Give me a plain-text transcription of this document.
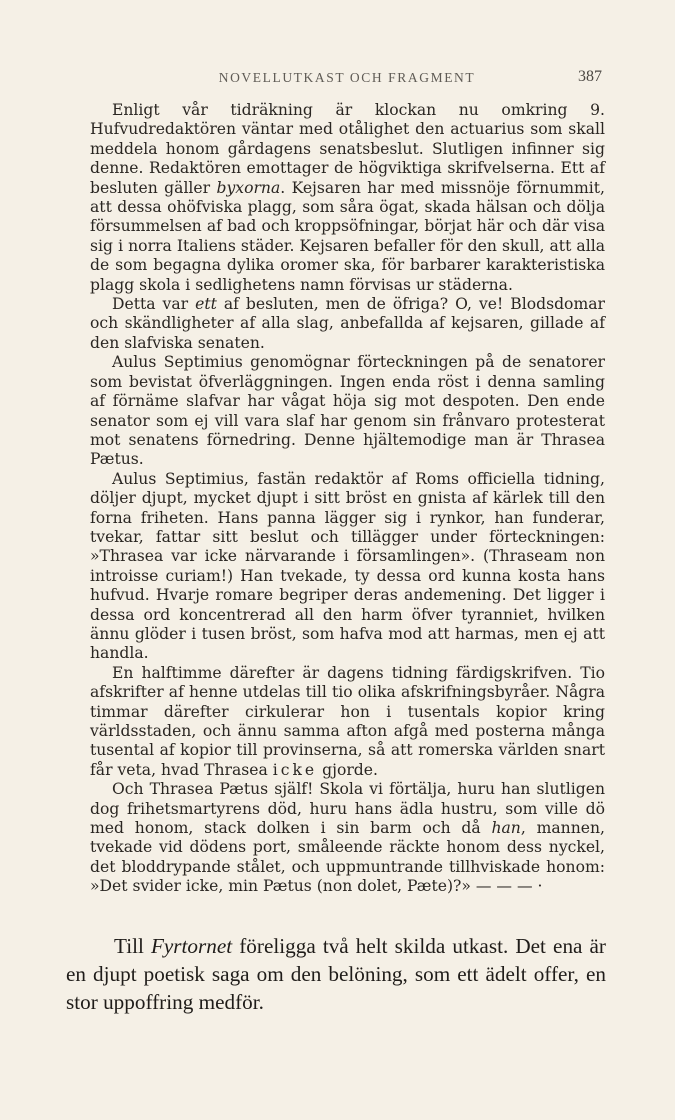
NOVELLUTKAST OCH FRAGMENT	387

Enligt vår tidräkning är klockan nu omkring 9. Hufvudredaktören väntar med otålighet den actuarius som skall meddela honom gårdagens senatsbeslut. Slutligen infinner sig denne. Redaktören emottager de högviktiga skrifvelserna. Ett af besluten gäller byxorna. Kejsaren har med missnöje förnummit, att dessa ohöfviska plagg, som såra ögat, skada hälsan och dölja försummelsen af bad och kroppsöfningar, börjat här och där visa sig i norra Italiens städer. Kejsaren befaller för den skull, att alla de som begagna dylika oromer ska, för barbarer karakteristiska plagg skola i sedlighetens namn förvisas ur städerna.

Detta var ett af besluten, men de öfriga? O, ve! Blodsdomar och skändligheter af alla slag, anbefallda af kejsaren, gillade af den slafviska senaten.

Aulus Septimius genomögnar förteckningen på de senatorer som bevistat öfverläggningen. Ingen enda röst i denna samling af förnäme slafvar har vågat höja sig mot despoten. Den ende senator som ej vill vara slaf har genom sin frånvaro protesterat mot senatens förnedring. Denne hjältemodige man är Thrasea Pætus.

Aulus Septimius, fastän redaktör af Roms officiella tidning, döljer djupt, mycket djupt i sitt bröst en gnista af kärlek till den forna friheten. Hans panna lägger sig i rynkor, han funderar, tvekar, fattar sitt beslut och tillägger under förteckningen: »Thrasea var icke närvarande i församlingen». (Thraseam non introisse curiam!) Han tvekade, ty dessa ord kunna kosta hans hufvud. Hvarje romare begriper deras andemening. Det ligger i dessa ord koncentrerad all den harm öfver tyranniet, hvilken ännu glöder i tusen bröst, som hafva mod att harmas, men ej att handla.

En halftimme därefter är dagens tidning färdigskrifven. Tio afskrifter af henne utdelas till tio olika afskrifningsbyråer. Några timmar därefter cirkulerar hon i tusentals kopior kring världsstaden, och ännu samma afton afgå med posterna många tusental af kopior till provinserna, så att romerska världen snart får veta, hvad Thrasea icke gjorde.

Och Thrasea Pætus själf! Skola vi förtälja, huru han slutligen dog frihetsmartyrens död, huru hans ädla hustru, som ville dö med honom, stack dolken i sin barm och då han, mannen, tvekade vid dödens port, småleende räckte honom dess nyckel, det bloddrypande stålet, och uppmuntrande tillhviskade honom: »Det svider icke, min Pætus (non dolet, Pæte)?» — — — ·

Till Fyrtornet föreligga två helt skilda utkast. Det ena är en djupt poetisk saga om den belöning, som ett ädelt offer, en stor uppoffring medför.
